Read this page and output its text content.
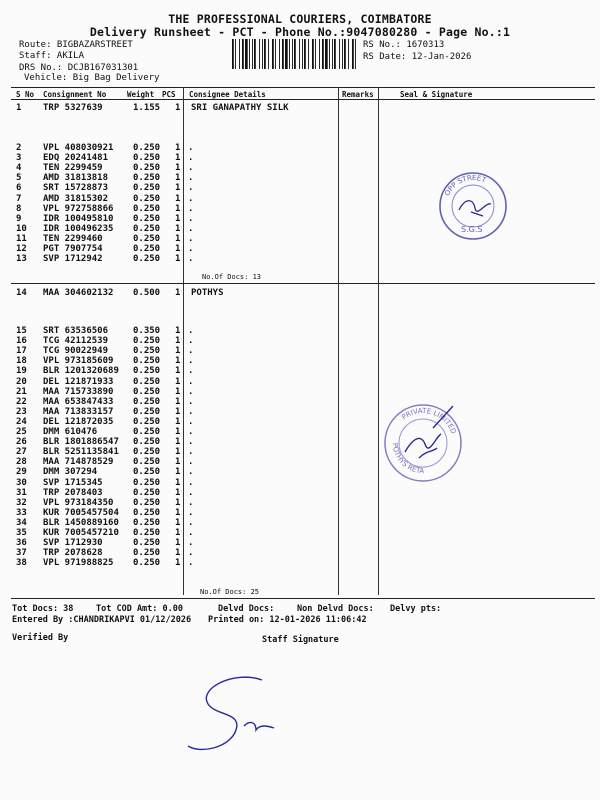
THE PROFESSIONAL COURIERS, COIMBATORE
Delivery Runsheet - PCT - Phone No.:9047080280 - Page No.:1
Route: BIGBAZARSTREET
Staff: AKILA
DRS No.: DCJB167031301
Vehicle: Big Bag Delivery
RS No.: 1670313
RS Date: 12-Jan-2026
S No Consignment No	Weight PCS Consignee Details	Remarks	Seal & Signature
1 TRP 5327639	1.155 1 SRI GANAPATHY SILK
2 VPL 408030921 0.250 1 .
3 EDQ 20241481	0.250 1 .
4 TEN 2299459	0.250 1 .
5 AMD 31813818	0.250 1 .
6 SRT 15728873	0.250 1 .
7 AMD 31815302	0.250 1 .
8 VPL 972758866 0.250 1 .
9 IDR 100495810 0.250 1 .
10 IDR 100496235 0.250 1 .
11 TEN 2299460	0.250 1 .
12 PGT 7907754	0.250 1 .
13 SVP 1712942	0.250 1 .
14 MAA 304602132 0.500 1 POTHYS
15 SRT 63536506	0.350 1 .
16 TCG 42112539	0.250 1 .
17 TCG 90022949	0.250 1 .
18 VPL 973185609 0.250 1 .
19 BLR 1201320689 0.250 1 .
20 DEL 121871933 0.250 1 .
21 MAA 715733890 0.250 1 .
22 MAA 653847433 0.250 1 .
23 MAA 713833157 0.250 1 .
24 DEL 121872035 0.250 1 .
25 DMM 610476	0.250 1 .
26 BLR 1801886547 0.250 1 .
27 BLR 5251135841 0.250 1 .
28 MAA 714878529 0.250 1 .
29 DMM 307294	0.250 1 .
30 SVP 1715345	0.250 1 .
31 TRP 2078403	0.250 1 .
32 VPL 973184350 0.250 1 .
33 KUR 7005457504 0.250 1 .
34 BLR 1450889160 0.250 1 .
35 KUR 7005457210 0.250 1 .
36 SVP 1712930	0.250 1 .
37 TRP 2078628	0.250 1 .
38 VPL 971988825 0.250 1 .
No.Of Docs: 13
No.Of Docs: 25
Tot Docs: 38	Tot COD Amt: 0.00	Delvd Docs:	Non Delvd Docs: Delvy pts:
Entered By :CHANDRIKAPVI 01/12/2026 Printed on: 12-01-2026 11:06:42
Verified By	Staff Signature
OPP STREET
S.G.S
PRIVATE LIMITED
POTHYS RETA
